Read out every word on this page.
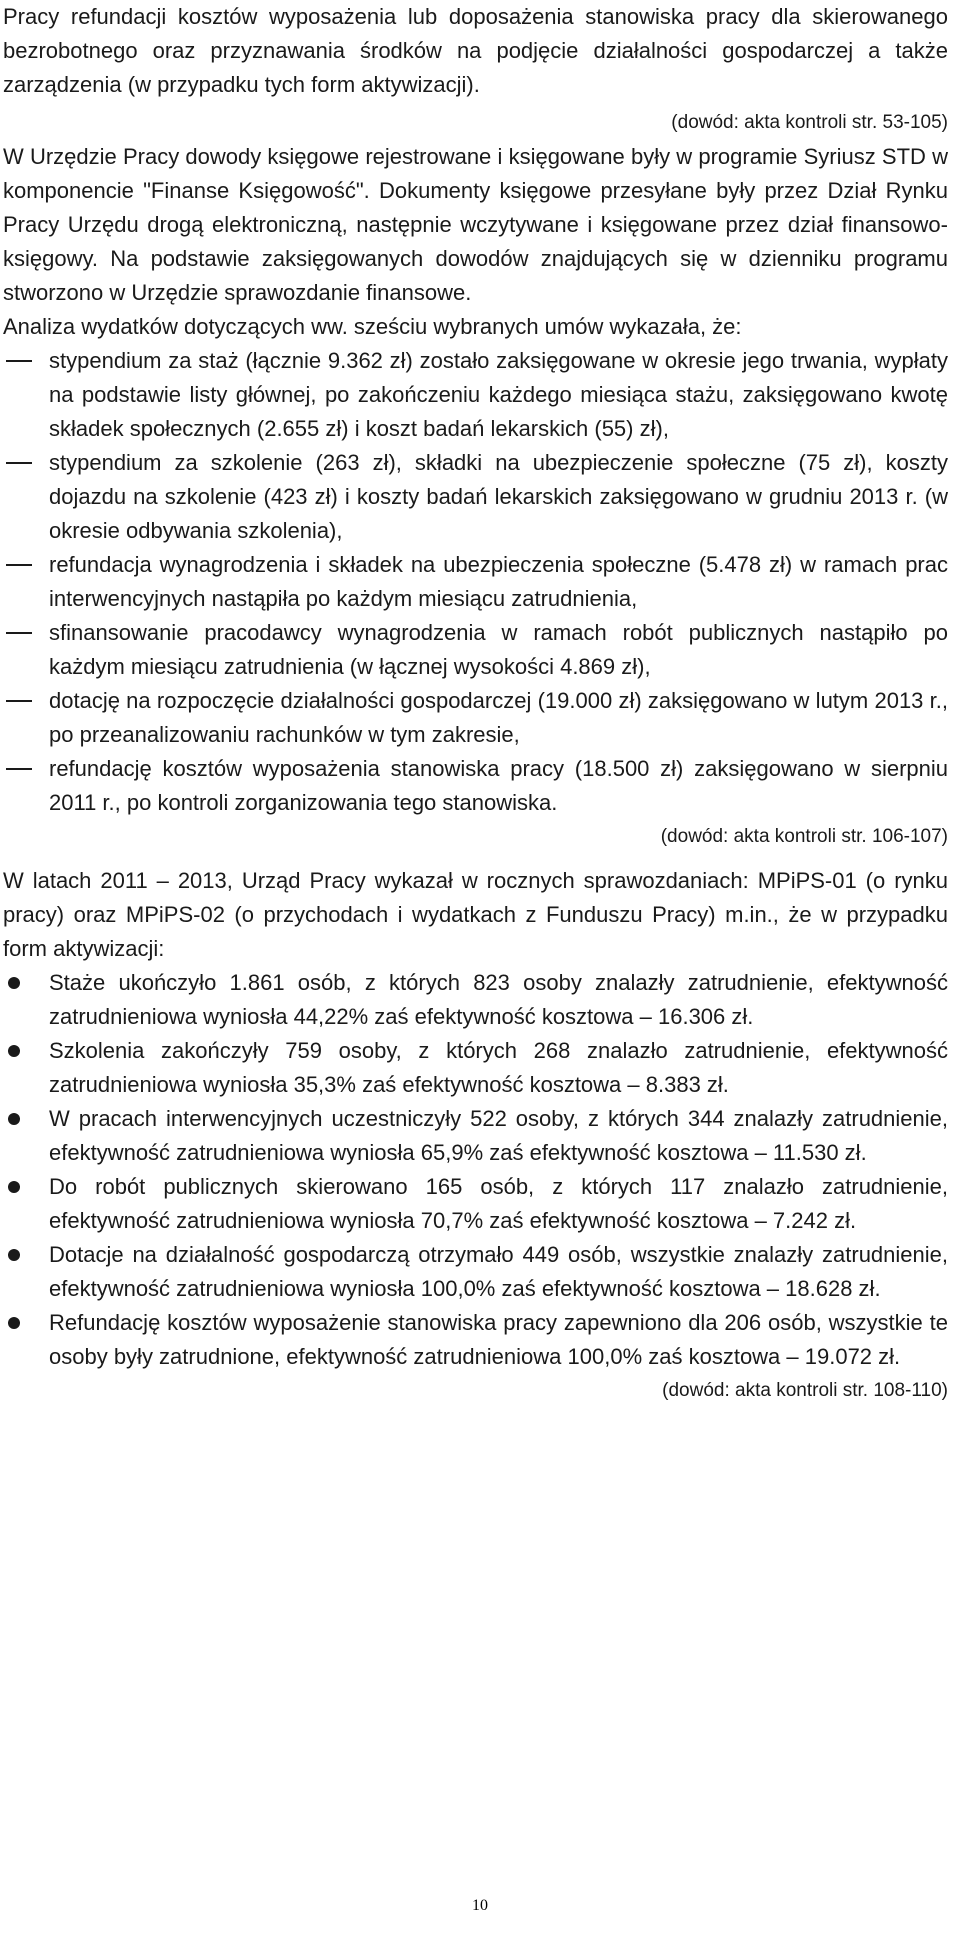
Pracy refundacji kosztów wyposażenia lub doposażenia stanowiska pracy dla skierowanego bezrobotnego oraz przyznawania środków na podjęcie działalności gospodarczej a także zarządzenia (w przypadku tych form aktywizacji).

(dowód: akta kontroli str. 53-105)

W Urzędzie Pracy dowody księgowe rejestrowane i księgowane były w programie Syriusz STD w komponencie "Finanse Księgowość". Dokumenty księgowe przesyłane były przez Dział Rynku Pracy Urzędu drogą elektroniczną, następnie wczytywane i księgowane przez dział finansowo-księgowy. Na podstawie zaksięgowanych dowodów znajdujących się w dzienniku programu stworzono w Urzędzie sprawozdanie finansowe.

Analiza wydatków dotyczących ww. sześciu wybranych umów wykazała, że:

stypendium za staż (łącznie 9.362 zł) zostało zaksięgowane w okresie jego trwania, wypłaty na podstawie listy głównej, po zakończeniu każdego miesiąca stażu, zaksięgowano kwotę składek społecznych (2.655 zł) i koszt badań lekarskich (55) zł),
stypendium za szkolenie (263 zł), składki na ubezpieczenie społeczne (75 zł), koszty dojazdu na szkolenie (423 zł) i koszty badań lekarskich zaksięgowano w grudniu 2013 r. (w okresie odbywania szkolenia),
refundacja wynagrodzenia i składek na ubezpieczenia społeczne (5.478 zł) w ramach prac interwencyjnych nastąpiła po każdym miesiącu zatrudnienia,
sfinansowanie pracodawcy wynagrodzenia w ramach robót publicznych nastąpiło po każdym miesiącu zatrudnienia (w łącznej wysokości 4.869 zł),
dotację na rozpoczęcie działalności gospodarczej (19.000 zł) zaksięgowano w lutym 2013 r., po przeanalizowaniu rachunków w tym zakresie,
refundację kosztów wyposażenia stanowiska pracy (18.500 zł) zaksięgowano w sierpniu 2011 r., po kontroli zorganizowania tego stanowiska.

(dowód: akta kontroli str. 106-107)

W latach 2011 – 2013, Urząd Pracy wykazał w rocznych sprawozdaniach: MPiPS-01 (o rynku pracy) oraz MPiPS-02 (o przychodach i wydatkach z Funduszu Pracy) m.in., że w przypadku form aktywizacji:

Staże ukończyło 1.861 osób, z których 823 osoby znalazły zatrudnienie, efektywność zatrudnieniowa wyniosła 44,22% zaś efektywność kosztowa – 16.306 zł.
Szkolenia zakończyły 759 osoby, z których 268 znalazło zatrudnienie, efektywność zatrudnieniowa wyniosła 35,3% zaś efektywność kosztowa – 8.383 zł.
W pracach interwencyjnych uczestniczyły 522 osoby, z których 344 znalazły zatrudnienie, efektywność zatrudnieniowa wyniosła 65,9% zaś efektywność kosztowa – 11.530 zł.
Do robót publicznych skierowano 165 osób, z których 117 znalazło zatrudnienie, efektywność zatrudnieniowa wyniosła 70,7% zaś efektywność kosztowa – 7.242 zł.
Dotacje na działalność gospodarczą otrzymało 449 osób, wszystkie znalazły zatrudnienie, efektywność zatrudnieniowa wyniosła 100,0% zaś efektywność kosztowa – 18.628 zł.
Refundację kosztów wyposażenie stanowiska pracy zapewniono dla 206 osób, wszystkie te osoby były zatrudnione, efektywność zatrudnieniowa 100,0% zaś kosztowa – 19.072 zł.

(dowód: akta kontroli str. 108-110)

10
